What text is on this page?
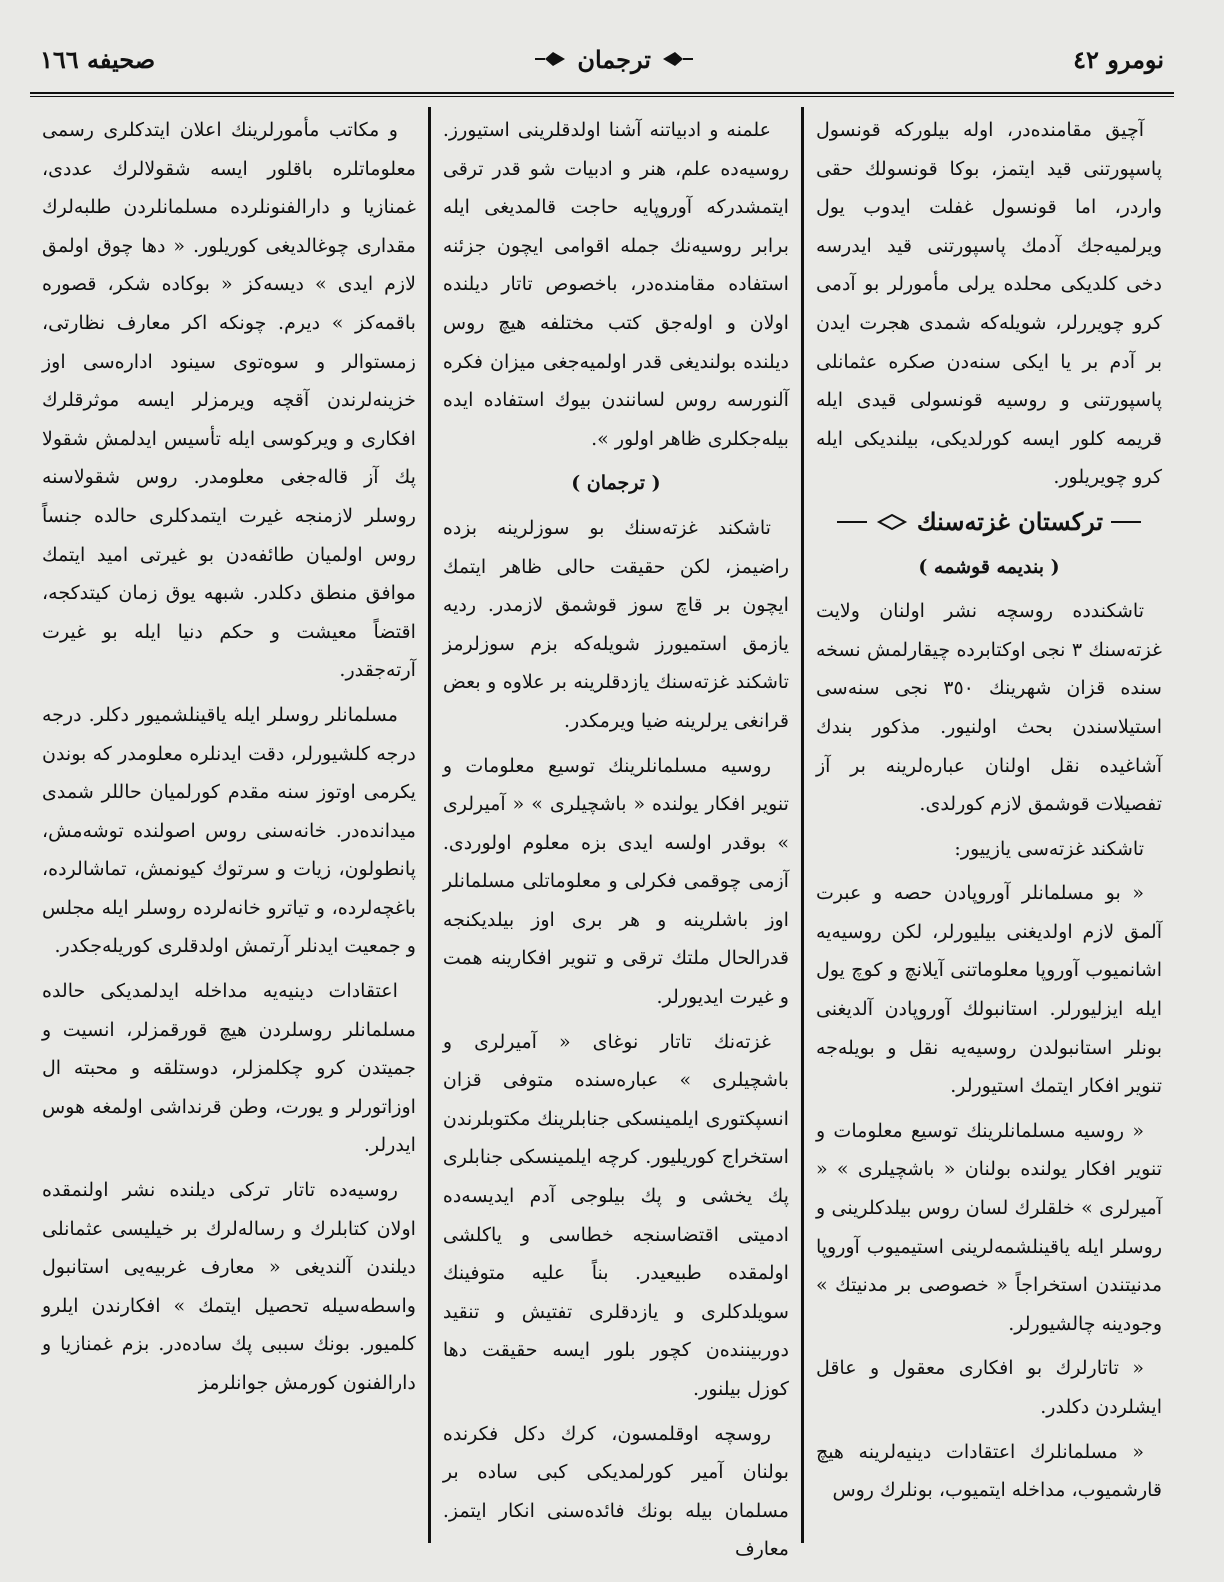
نومرو ٤٢
ترجمان
صحيفه ١٦٦

آچيق مقامنده‌در، اوله بيلوركه قونسول پاسپورتنى قيد ايتمز، بوكا قونسولك حقى واردر، اما قونسول غفلت ايدوب يول ويرلميه‌جك آدمك پاسپورتنى قيد ايدرسه دخى كلديكى محلده يرلى مأمورلر بو آدمى كرو چويررلر، شويله‌كه شمدى هجرت ايدن بر آدم بر يا ايكى سنه‌دن صكره عثمانلى پاسپورتنى و روسيه قونسولى قيدى ايله قريمه كلور ايسه كورلديكى، بيلنديكى ايله كرو چويريلور.

تركستان غزته‌سنك

( بنديمه قوشمه )

تاشكندده روسچه نشر اولنان ولايت غزته‌سنك ٣ نجى اوكتابرده چيقارلمش نسخه سنده قزان شهرينك ٣٥٠ نجى سنه‌سى استيلاسندن بحث اولنيور. مذكور بندك آشاغيده نقل اولنان عباره‌لرينه بر آز تفصيلات قوشمق لازم كورلدى.

تاشكند غزته‌سى يازييور:

« بو مسلمانلر آوروپادن حصه و عبرت آلمق لازم اولديغنى بيليورلر، لكن روسيه‌يه اشانميوب آوروپا معلوماتنى آيلانچ و كوچ يول ايله ايزليورلر. استانبولك آوروپادن آلديغنى بونلر استانبولدن روسيه‌يه نقل و بويله‌جه تنوير افكار ايتمك استيورلر.

« روسيه مسلمانلرينك توسيع معلومات و تنوير افكار يولنده بولنان « باشچيلرى » « آميرلرى » خلقلرك لسان روس بيلدكلرينى و روسلر ايله ياقينلشمه‌لرينى استيميوب آوروپا مدنيتندن استخراجاً « خصوصى بر مدنيتك » وجودينه چالشيورلر.

« تاتارلرك بو افكارى معقول و عاقل ايشلردن دكلدر.

« مسلمانلرك اعتقادات دينيه‌لرينه هيچ قارشميوب، مداخله ايتميوب، بونلرك روس

علمنه و ادبياتنه آشنا اولدقلرينى استيورز. روسيه‌ده علم، هنر و ادبيات شو قدر ترقى ايتمشدركه آوروپايه حاجت قالمديغى ايله برابر روسيه‌نك جمله اقوامى ايچون جزئنه استفاده مقامنده‌در، باخصوص تاتار ديلنده اولان و اوله‌جق كتب مختلفه هيچ روس ديلنده بولنديغى قدر اولميه‌جغى ميزان فكره آلنورسه روس لسانندن بيوك استفاده ايده بيله‌جكلرى ظاهر اولور ».

( ترجمان )

تاشكند غزته‌سنك بو سوزلرينه بزده راضيمز، لكن حقيقت حالى ظاهر ايتمك ايچون بر قاچ سوز قوشمق لازمدر. رديه يازمق استميورز شويله‌كه بزم سوزلرمز تاشكند غزته‌سنك يازدقلرينه بر علاوه و بعض قرانغى يرلرينه ضيا ويرمكدر.

روسيه مسلمانلرينك توسيع معلومات و تنوير افكار يولنده « باشچيلرى » « آميرلرى » بوقدر اولسه ايدى بزه معلوم اولوردى. آزمى چوقمى فكرلى و معلوماتلى مسلمانلر اوز باشلرينه و هر برى اوز بيلديكنجه قدرالحال ملتك ترقى و تنوير افكارينه همت و غيرت ايديورلر.

غزته‌نك تاتار نوغاى « آميرلرى و باشچيلرى » عباره‌سنده متوفى قزان انسپكتورى ايلمينسكى جنابلرينك مكتوبلرندن استخراج كوريليور. كرچه ايلمينسكى جنابلرى پك يخشى و پك بيلوجى آدم ايديسه‌ده ادميتى اقتضاسنجه خطاسى و ياكلشى اولمقده طبيعيدر. بناً عليه متوفينك سويلدكلرى و يازدقلرى تفتيش و تنقيد دوربيننده‌ن كچور بلور ايسه حقيقت دها كوزل بيلنور.

روسچه اوقلمسون، كرك دكل فكرنده بولنان آمير كورلمديكى كبى ساده بر مسلمان بيله بونك فائده‌سنى انكار ايتمز. معارف

و مكاتب مأمورلرينك اعلان ايتدكلرى رسمى معلوماتلره باقلور ايسه شقولالرك عددى، غمنازيا و دارالفنونلرده مسلمانلردن طلبه‌لرك مقدارى چوغالديغى كوريلور. « دها چوق اولمق لازم ايدى » ديسه‌كز « بوكاده شكر، قصوره باقمه‌كز » ديرم. چونكه اكر معارف نظارتى، زمستوالر و سوه‌توى سينود اداره‌سى اوز خزينه‌لرندن آقچه ويرمزلر ايسه موثرقلرك افكارى و ويركوسى ايله تأسيس ايدلمش شقولا پك آز قاله‌جغى معلومدر. روس شقولاسنه روسلر لازمنجه غيرت ايتمدكلرى حالده جنساً روس اولميان طائفه‌دن بو غيرتى اميد ايتمك موافق منطق دكلدر. شبهه يوق زمان كيتدكجه، اقتضاً معيشت و حكم دنيا ايله بو غيرت آرته‌جقدر.

مسلمانلر روسلر ايله ياقينلشميور دكلر. درجه درجه كلشيورلر، دقت ايدنلره معلومدر كه بوندن يكرمى اوتوز سنه مقدم كورلميان حاللر شمدى ميدانده‌در. خانه‌سنى روس اصولنده توشه‌مش، پانطولون، زيات و سرتوك كيونمش، تماشالرده، باغچه‌لرده، و تياترو خانه‌لرده روسلر ايله مجلس و جمعيت ايدنلر آرتمش اولدقلرى كوريله‌جكدر.

اعتقادات دينيه‌يه مداخله ايدلمديكى حالده مسلمانلر روسلردن هيچ قورقمزلر، انسيت و جميتدن كرو چكلمزلر، دوستلقه و محبته ال اوزاتورلر و يورت، وطن قرنداشى اولمغه هوس ايدرلر.

روسيه‌ده تاتار تركى ديلنده نشر اولنمقده اولان كتابلرك و رساله‌لرك بر خيليسى عثمانلى ديلندن آلنديغى « معارف غربيه‌يى استانبول واسطه‌سيله تحصيل ايتمك » افكارندن ايلرو كلميور. بونك سببى پك ساده‌در. بزم غمنازيا و دارالفنون كورمش جوانلرمز
